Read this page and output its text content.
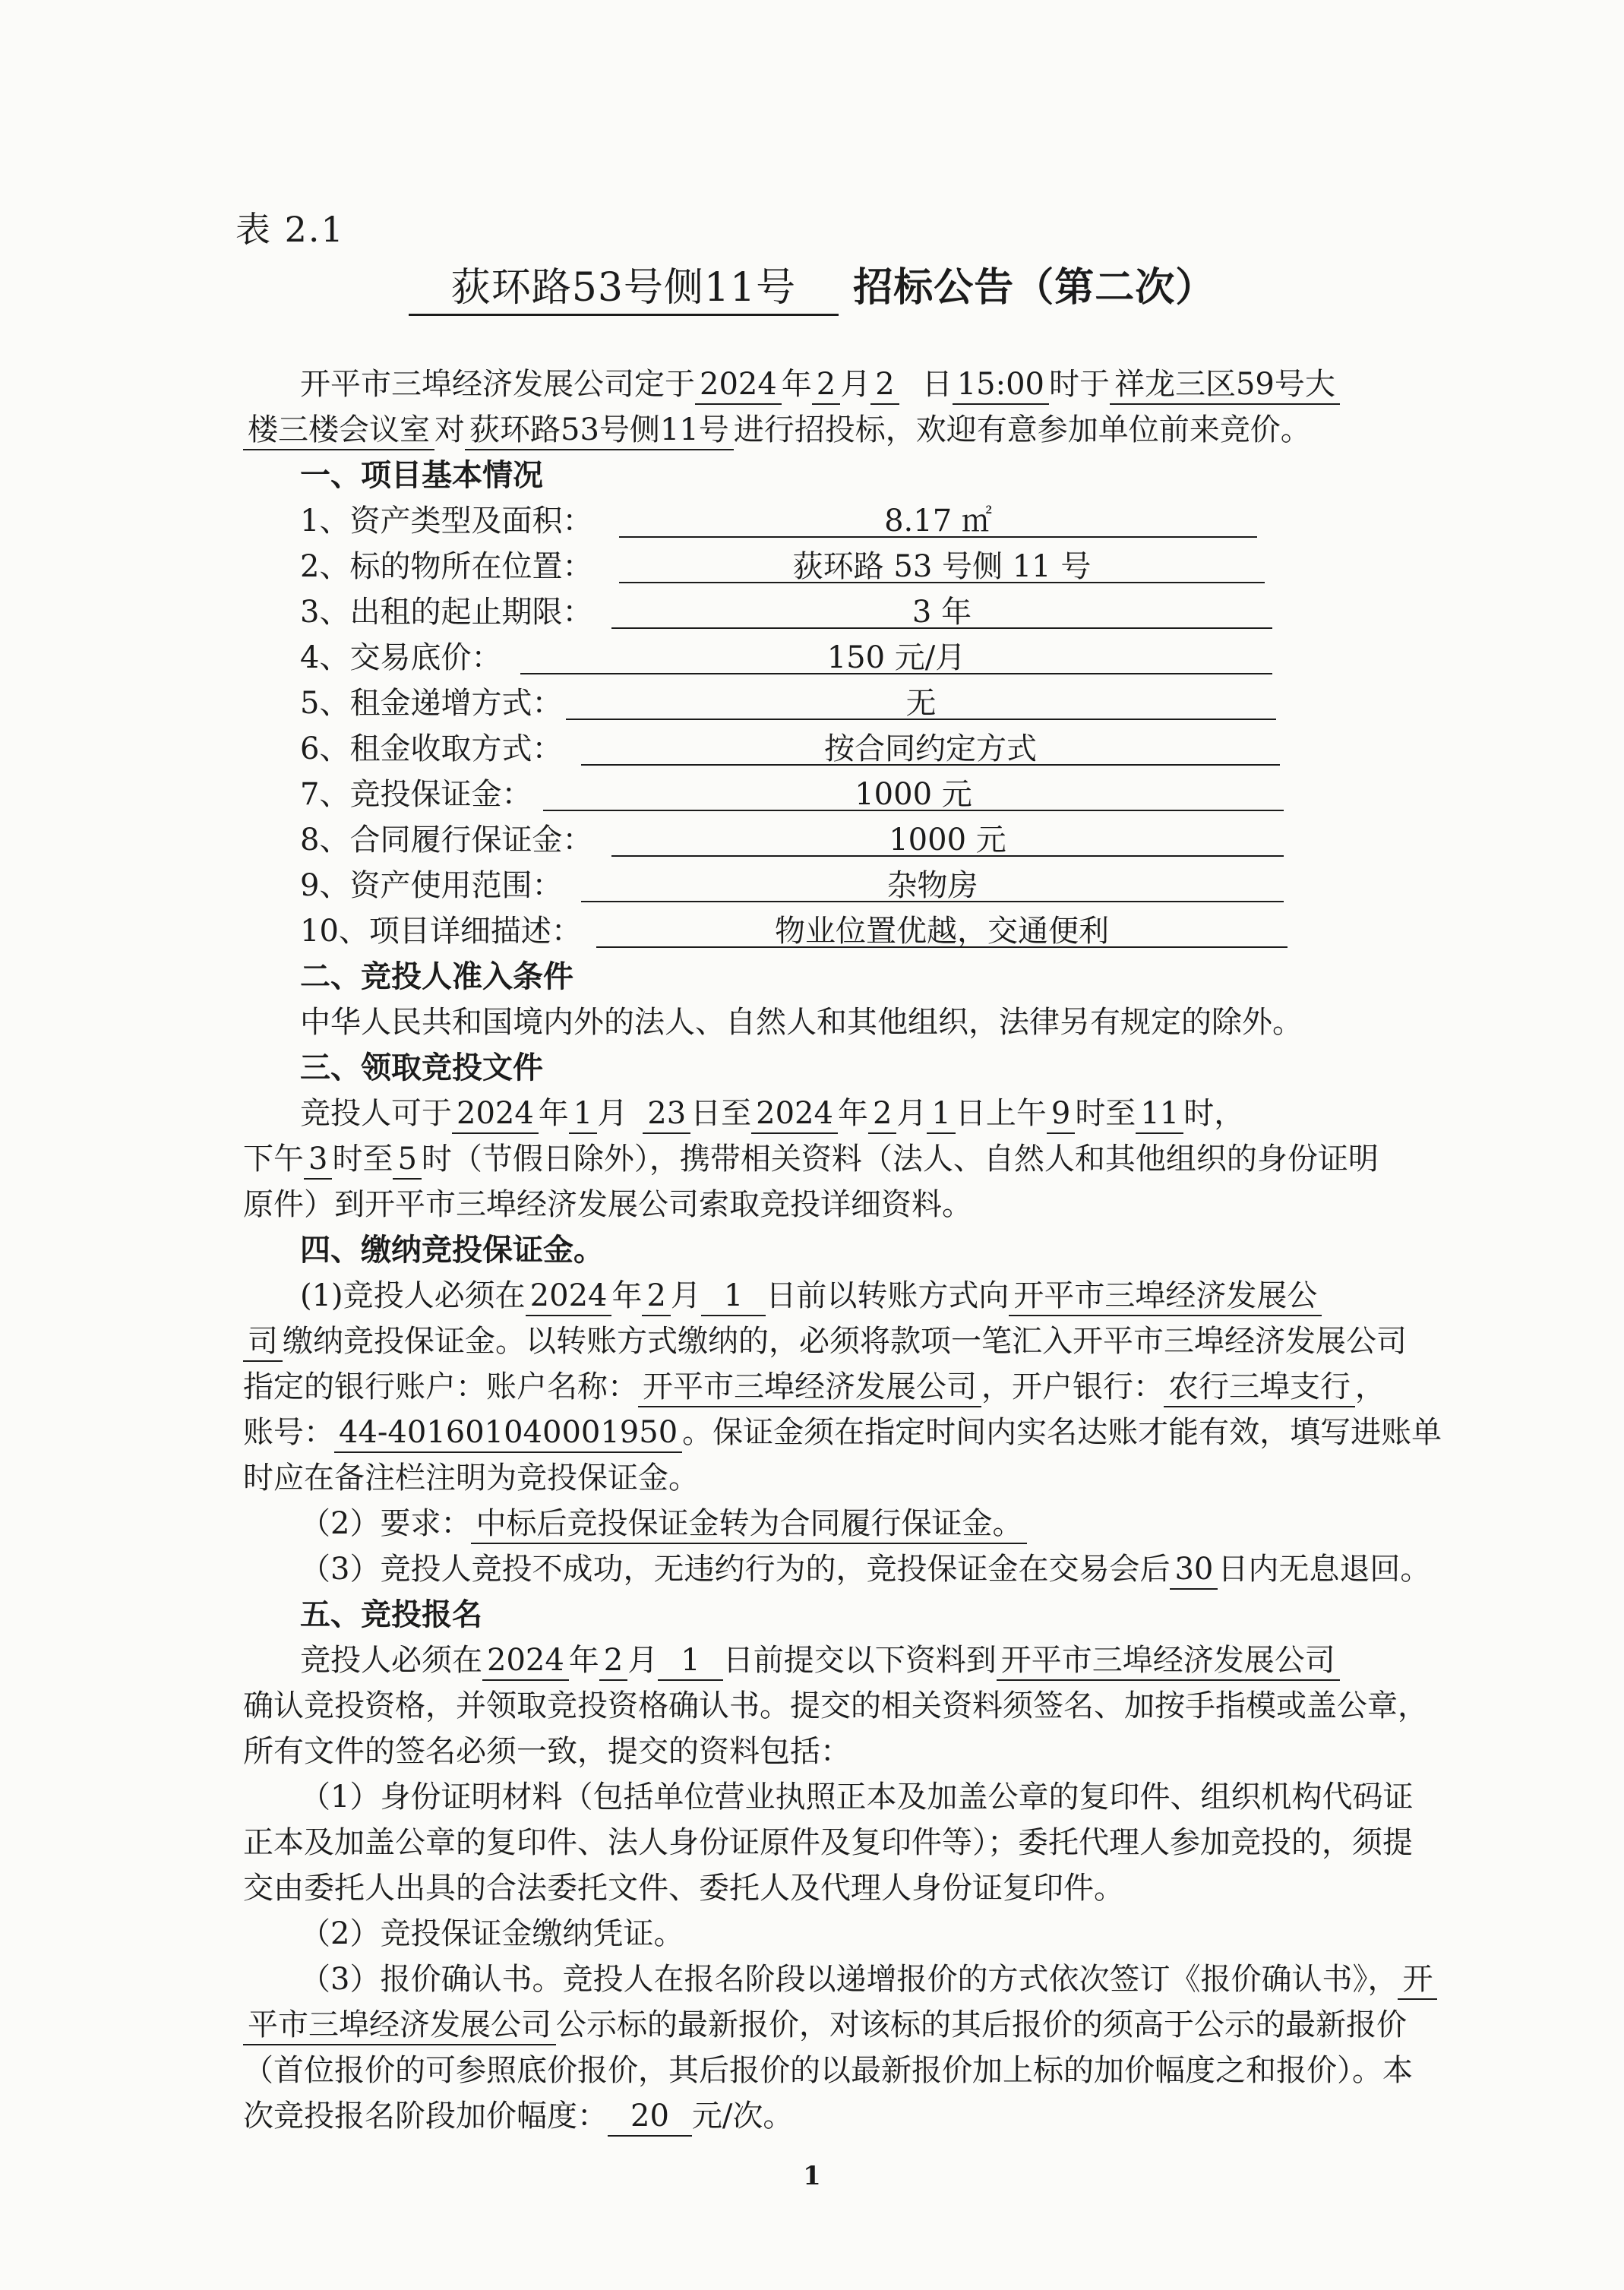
表 2.1
荻环路53号侧11号 招标公告（第二次）
开平市三埠经济发展公司定于 2024 年 2 月 2 日 15:00 时于 祥龙三区59号大
楼三楼会议室 对 荻环路53号侧11号 进行招投标，欢迎有意参加单位前来竞价。
一、项目基本情况
1、资产类型及面积：	8.17 ㎡
2、标的物所在位置：	荻环路 53 号侧 11 号
3、出租的起止期限：	3 年
4、交易底价：	150 元/月
5、租金递增方式：	无
6、租金收取方式：	按合同约定方式
7、竞投保证金：	1000 元
8、合同履行保证金：	1000 元
9、资产使用范围：	杂物房
10、项目详细描述：	物业位置优越，交通便利
二、竞投人准入条件
中华人民共和国境内外的法人、自然人和其他组织，法律另有规定的除外。
三、领取竞投文件
竞投人可于 2024 年 1 月 23 日至 2024 年 2 月 1 日上午 9 时至 11 时，
下午 3 时至 5 时（节假日除外），携带相关资料（法人、自然人和其他组织的身份证明
原件）到开平市三埠经济发展公司索取竞投详细资料。
四、缴纳竞投保证金。
(1)竞投人必须在 2024 年 2 月 1 日前以转账方式向 开平市三埠经济发展公
司 缴纳竞投保证金。以转账方式缴纳的，必须将款项一笔汇入开平市三埠经济发展公司
指定的银行账户：账户名称： 开平市三埠经济发展公司 ，开户银行： 农行三埠支行 ，
账号： 44-401601040001950 。保证金须在指定时间内实名达账才能有效，填写进账单
时应在备注栏注明为竞投保证金。
（2）要求： 中标后竞投保证金转为合同履行保证金。
（3）竞投人竞投不成功，无违约行为的，竞投保证金在交易会后 30 日内无息退回。
五、竞投报名
竞投人必须在 2024 年 2 月 1 日前提交以下资料到 开平市三埠经济发展公司
确认竞投资格，并领取竞投资格确认书。提交的相关资料须签名、加按手指模或盖公章，
所有文件的签名必须一致，提交的资料包括：
（1）身份证明材料（包括单位营业执照正本及加盖公章的复印件、组织机构代码证
正本及加盖公章的复印件、法人身份证原件及复印件等）；委托代理人参加竞投的，须提
交由委托人出具的合法委托文件、委托人及代理人身份证复印件。
（2）竞投保证金缴纳凭证。
（3）报价确认书。竞投人在报名阶段以递增报价的方式依次签订《报价确认书》， 开
平市三埠经济发展公司 公示标的最新报价，对该标的其后报价的须高于公示的最新报价
（首位报价的可参照底价报价，其后报价的以最新报价加上标的加价幅度之和报价）。本
次竞投报名阶段加价幅度： 20 元/次。
1
